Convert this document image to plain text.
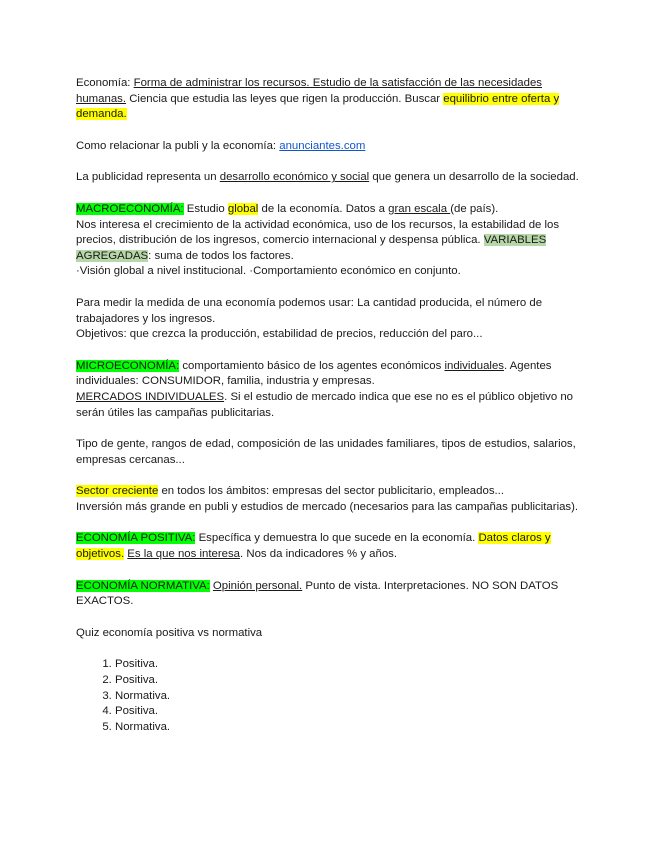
Economía: Forma de administrar los recursos. Estudio de la satisfacción de las necesidades humanas. Ciencia que estudia las leyes que rigen la producción. Buscar equilibrio entre oferta y demanda.

Como relacionar la publi y la economía: anunciantes.com

La publicidad representa un desarrollo económico y social que genera un desarrollo de la sociedad.

MACROECONOMÍA: Estudio global de la economía. Datos a gran escala (de país).

Nos interesa el crecimiento de la actividad económica, uso de los recursos, la estabilidad de los precios, distribución de los ingresos, comercio internacional y despensa pública. VARIABLES AGREGADAS: suma de todos los factores.

·Visión global a nivel institucional. ·Comportamiento económico en conjunto.

Para medir la medida de una economía podemos usar: La cantidad producida, el número de trabajadores y los ingresos.

Objetivos: que crezca la producción, estabilidad de precios, reducción del paro...

MICROECONOMÍA: comportamiento básico de los agentes económicos individuales. Agentes individuales: CONSUMIDOR, familia, industria y empresas.

MERCADOS INDIVIDUALES. Si el estudio de mercado indica que ese no es el público objetivo no serán útiles las campañas publicitarias.

Tipo de gente, rangos de edad, composición de las unidades familiares, tipos de estudios, salarios, empresas cercanas...

Sector creciente en todos los ámbitos: empresas del sector publicitario, empleados...

Inversión más grande en publi y estudios de mercado (necesarios para las campañas publicitarias).

ECONOMÍA POSITIVA: Específica y demuestra lo que sucede en la economía. Datos claros y objetivos. Es la que nos interesa. Nos da indicadores % y años.

ECONOMÍA NORMATIVA: Opinión personal. Punto de vista. Interpretaciones. NO SON DATOS EXACTOS.

Quiz economía positiva vs normativa

1. Positiva.
2. Positiva.
3. Normativa.
4. Positiva.
5. Normativa.
